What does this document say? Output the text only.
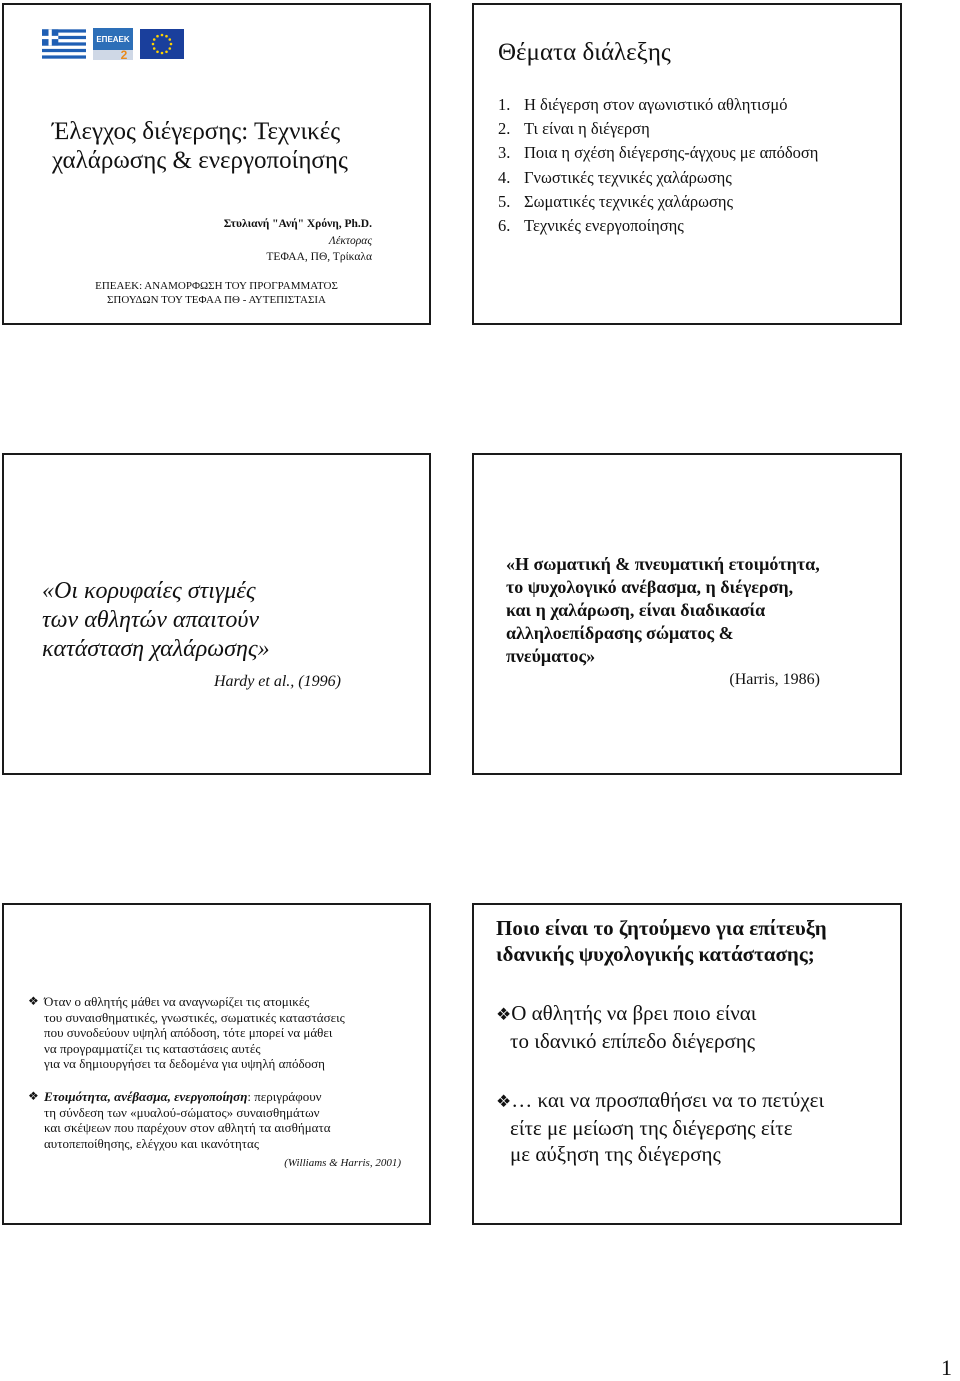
ΕΠΕΑΕΚ
2
Έλεγχος διέγερσης: Τεχνικές
χαλάρωσης & ενεργοποίησης
Στυλιανή "Ανή" Χρόνη, Ph.D.
Λέκτορας
ΤΕΦΑΑ, ΠΘ, Τρίκαλα
ΕΠΕΑΕΚ: ΑΝΑΜΟΡΦΩΣΗ ΤΟΥ ΠΡΟΓΡΑΜΜΑΤΟΣ
ΣΠΟΥΔΩΝ ΤΟΥ ΤΕΦΑΑ ΠΘ - ΑΥΤΕΠΙΣΤΑΣΙΑ
Θέματα διάλεξης
1. Η διέγερση στον αγωνιστικό αθλητισμό
2. Τι είναι η διέγερση
3. Ποια η σχέση διέγερσης-άγχους με απόδοση
4. Γνωστικές τεχνικές χαλάρωσης
5. Σωματικές τεχνικές χαλάρωσης
6. Τεχνικές ενεργοποίησης
«Οι κορυφαίες στιγμές
των αθλητών απαιτούν
κατάσταση χαλάρωσης»
Hardy et al., (1996)
«Η σωματική & πνευματική ετοιμότητα,
το ψυχολογικό ανέβασμα, η διέγερση,
και η χαλάρωση, είναι διαδικασία
αλληλοεπίδρασης σώματος &
πνεύματος»
(Harris, 1986)
❖ Όταν ο αθλητής μάθει να αναγνωρίζει τις ατομικές
του συναισθηματικές, γνωστικές, σωματικές καταστάσεις
που συνοδεύουν υψηλή απόδοση, τότε μπορεί να μάθει
να προγραμματίζει τις καταστάσεις αυτές
για να δημιουργήσει τα δεδομένα για υψηλή απόδοση
❖ Ετοιμότητα, ανέβασμα, ενεργοποίηση: περιγράφουν
τη σύνδεση των «μυαλού-σώματος» συναισθημάτων
και σκέψεων που παρέχουν στον αθλητή τα αισθήματα
αυτοπεποίθησης, ελέγχου και ικανότητας
(Williams & Harris, 2001)
Ποιο είναι το ζητούμενο για επίτευξη
ιδανικής ψυχολογικής κατάστασης;
❖Ο αθλητής να βρει ποιο είναι
το ιδανικό επίπεδο διέγερσης
❖… και να προσπαθήσει να το πετύχει
είτε με μείωση της διέγερσης είτε
με αύξηση της διέγερσης
1
